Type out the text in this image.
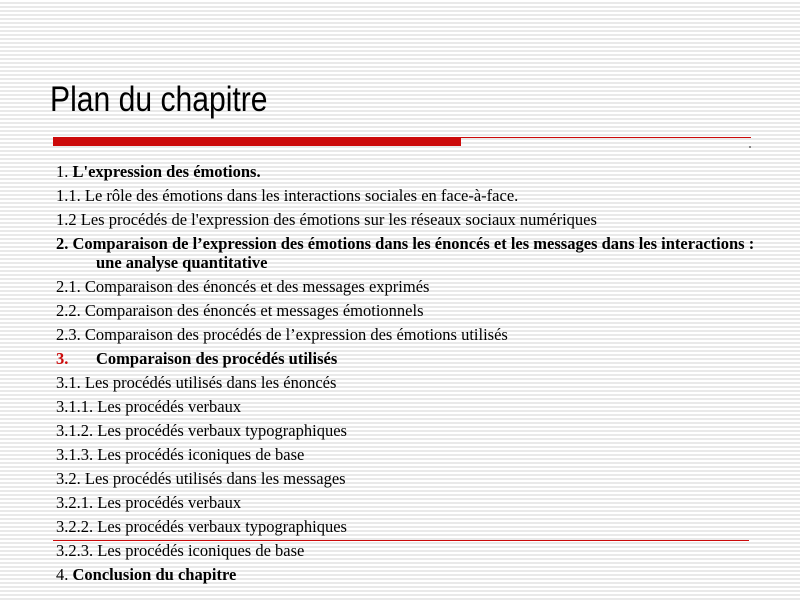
Plan du chapitre
1. L'expression des émotions.
1.1. Le rôle des émotions dans les interactions sociales en face-à-face.
1.2 Les procédés de l'expression des émotions sur les réseaux sociaux numériques
2. Comparaison de l’expression des émotions dans les énoncés et les messages dans les interactions : une analyse quantitative
2.1. Comparaison des énoncés et des messages exprimés
2.2. Comparaison des énoncés et messages émotionnels
2.3. Comparaison des procédés de l’expression des émotions utilisés
3. Comparaison des procédés utilisés
3.1. Les procédés utilisés dans les énoncés
3.1.1. Les procédés verbaux
3.1.2. Les procédés verbaux typographiques
3.1.3. Les procédés iconiques de base
3.2. Les procédés utilisés dans les messages
3.2.1. Les procédés verbaux
3.2.2. Les procédés verbaux typographiques
3.2.3. Les procédés iconiques de base
4. Conclusion du chapitre
